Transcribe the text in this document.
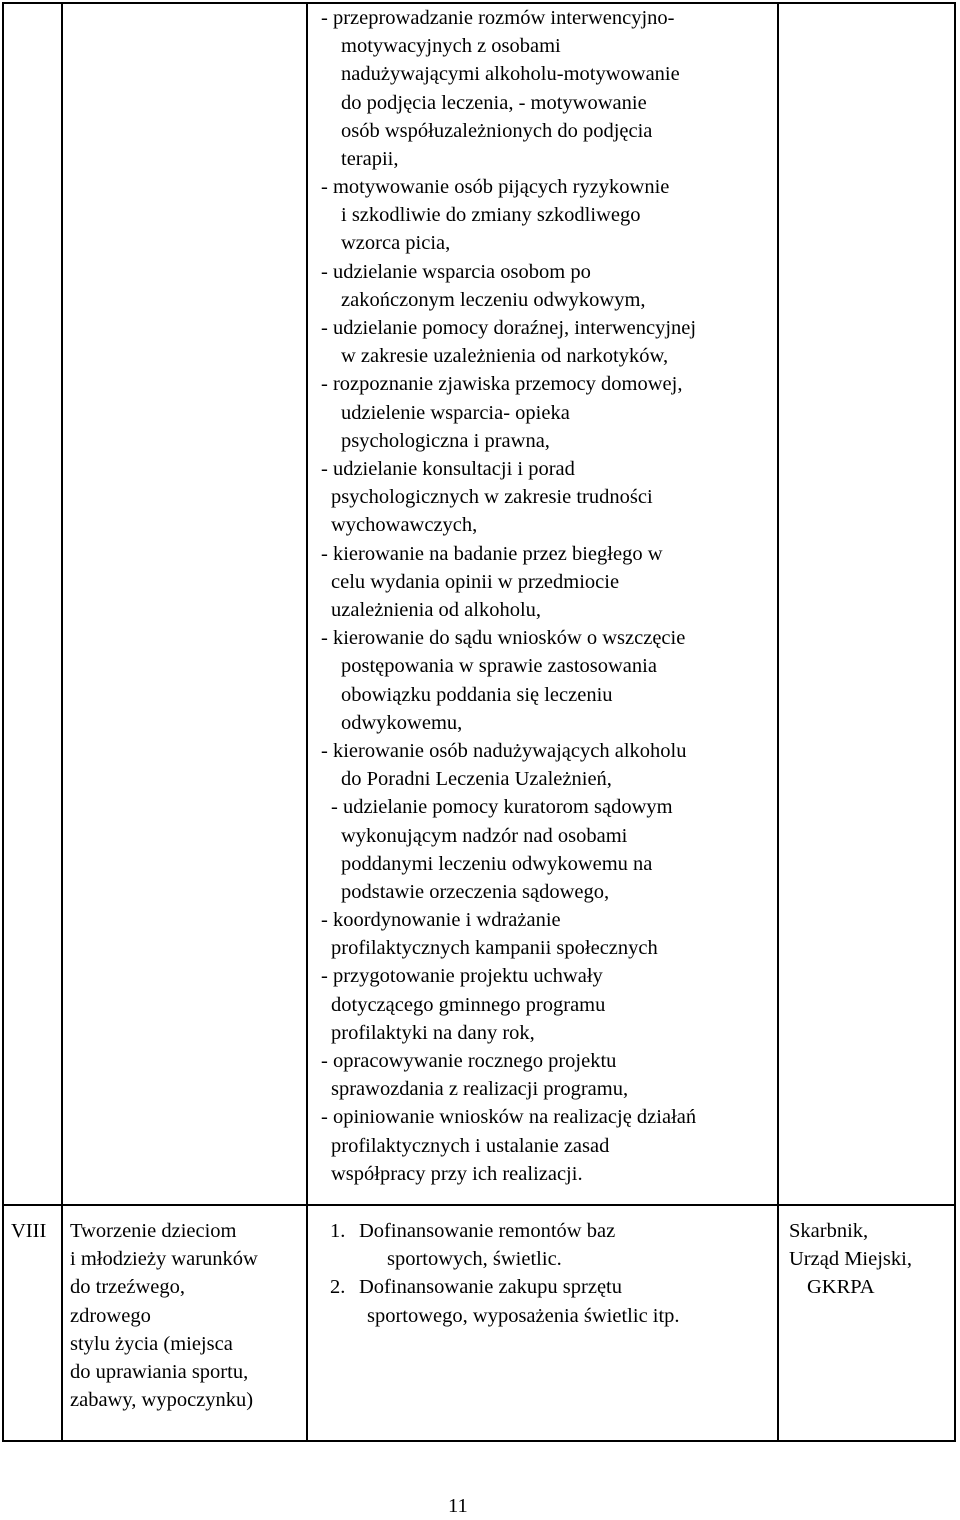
- przeprowadzanie rozmów interwencyjno-
motywacyjnych z osobami
nadużywającymi alkoholu-motywowanie
do podjęcia leczenia, - motywowanie
osób współuzależnionych do podjęcia
terapii,
- motywowanie osób pijących ryzykownie
i szkodliwie do zmiany szkodliwego
wzorca picia,
- udzielanie wsparcia osobom po
zakończonym leczeniu odwykowym,
- udzielanie pomocy doraźnej, interwencyjnej
w zakresie uzależnienia od narkotyków,
- rozpoznanie zjawiska przemocy domowej,
udzielenie wsparcia- opieka
psychologiczna i prawna,
- udzielanie konsultacji i porad
psychologicznych w zakresie trudności
wychowawczych,
- kierowanie na badanie przez biegłego w
celu wydania opinii w przedmiocie
uzależnienia od alkoholu,
- kierowanie do sądu wniosków o wszczęcie
postępowania w sprawie zastosowania
obowiązku poddania się leczeniu
odwykowemu,
- kierowanie osób nadużywających alkoholu
do Poradni Leczenia Uzależnień,
- udzielanie pomocy kuratorom sądowym
wykonującym nadzór nad osobami
poddanymi leczeniu odwykowemu na
podstawie orzeczenia sądowego,
- koordynowanie i wdrażanie
profilaktycznych kampanii społecznych
- przygotowanie projektu uchwały
dotyczącego gminnego programu
profilaktyki na dany rok,
- opracowywanie rocznego projektu
sprawozdania z realizacji programu,
- opiniowanie wniosków na realizację działań
profilaktycznych i ustalanie zasad
współpracy przy ich realizacji.
VIII Tworzenie dzieciom
i młodzieży warunków
do trzeźwego,
zdrowego
stylu życia (miejsca
do uprawiania sportu,
zabawy, wypoczynku)
1. Dofinansowanie remontów baz
sportowych, świetlic.
2. Dofinansowanie zakupu sprzętu
sportowego, wyposażenia świetlic itp.
Skarbnik,
Urząd Miejski,
GKRPA
11
